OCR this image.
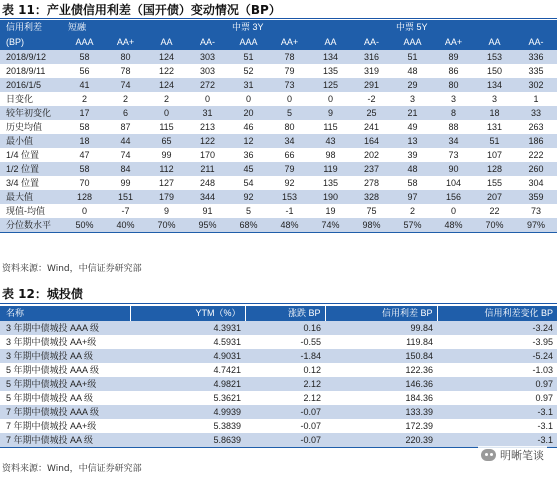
表 11：产业债信用利差（国开债）变动情况（BP）
信用利差	短融				中票 3Y				中票 5Y			
(BP)	AAA	AA+	AA	AA-	AAA	AA+	AA	AA-	AAA	AA+	AA	AA-
2018/9/12	58	80	124	303	51	78	134	316	51	89	153	336
2018/9/11	56	78	122	303	52	79	135	319	48	86	150	335
2016/1/5	41	74	124	272	31	73	125	291	29	80	134	302
日变化	2	2	2	0	0	0	0	-2	3	3	3	1
较年初变化	17	6	0	31	20	5	9	25	21	8	18	33
历史均值	58	87	115	213	46	80	115	241	49	88	131	263
最小值	18	44	65	122	12	34	43	164	13	34	51	186
1/4 位置	47	74	99	170	36	66	98	202	39	73	107	222
1/2 位置	58	84	112	211	45	79	119	237	48	90	128	260
3/4 位置	70	99	127	248	54	92	135	278	58	104	155	304
最大值	128	151	179	344	92	153	190	328	97	156	207	359
现值-均值	0	-7	9	91	5	-1	19	75	2	0	22	73
分位数水平	50%	40%	70%	95%	68%	48%	74%	98%	57%	48%	70%	97%
资料来源：Wind，中信证券研究部
表 12：城投债
名称	YTM（%）	涨跌 BP	信用利差 BP	信用利差变化 BP
3 年期中债城投 AAA 级	4.3931	0.16	99.84	-3.24
3 年期中债城投 AA+级	4.5931	-0.55	119.84	-3.95
3 年期中债城投 AA 级	4.9031	-1.84	150.84	-5.24
5 年期中债城投 AAA 级	4.7421	0.12	122.36	-1.03
5 年期中债城投 AA+级	4.9821	2.12	146.36	0.97
5 年期中债城投 AA 级	5.3621	2.12	184.36	0.97
7 年期中债城投 AAA 级	4.9939	-0.07	133.39	-3.1
7 年期中债城投 AA+级	5.3839	-0.07	172.39	-3.1
7 年期中债城投 AA 级	5.8639	-0.07	220.39	-3.1
资料来源：Wind，中信证券研究部
明晰笔谈
